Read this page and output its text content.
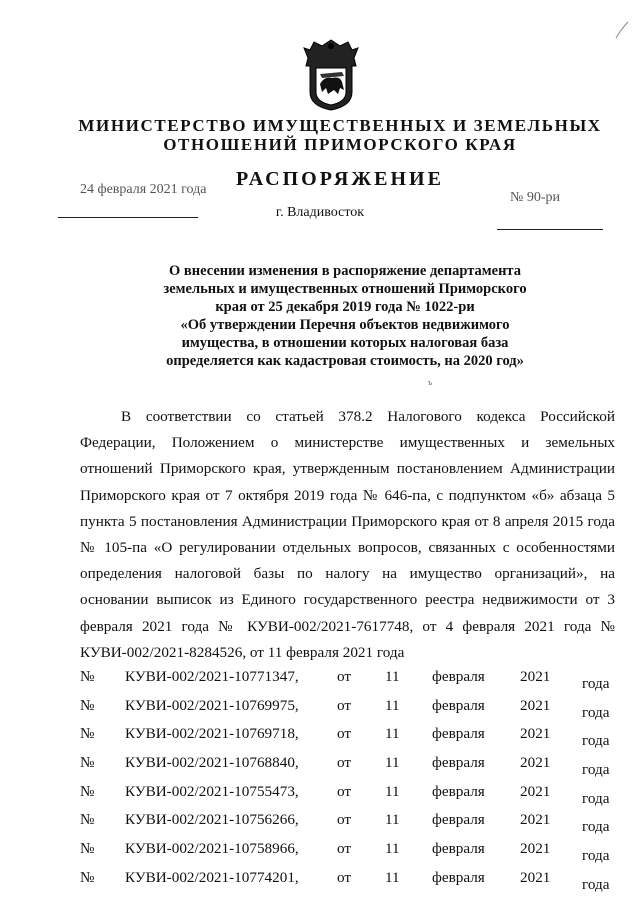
МИНИСТЕРСТВО ИМУЩЕСТВЕННЫХ И ЗЕМЕЛЬНЫХ
ОТНОШЕНИЙ ПРИМОРСКОГО КРАЯ
РАСПОРЯЖЕНИЕ
24 февраля 2021 года
г. Владивосток
№ 90-ри
О внесении изменения в распоряжение департамента
земельных и имущественных отношений Приморского
края от 25 декабря 2019 года № 1022-ри
«Об утверждении Перечня объектов недвижимого
имущества, в отношении которых налоговая база
определяется как кадастровая стоимость, на 2020 год»
ъ

В соответствии со статьей 378.2 Налогового кодекса Российской Федерации, Положением о министерстве имущественных и земельных отношений Приморского края, утвержденным постановлением Администрации Приморского края от 7 октября 2019 года № 646-па, с подпунктом «б» абзаца 5 пункта 5 постановления Администрации Приморского края от 8 апреля 2015 года № 105-па «О регулировании отдельных вопросов, связанных с особенностями определения налоговой базы по налогу на имущество организаций», на основании выписок из Единого государственного реестра недвижимости от 3 февраля 2021 года № КУВИ-002/2021-7617748, от 4 февраля 2021 года № КУВИ-002/2021-8284526, от 11 февраля 2021 года

№ КУВИ-002/2021-10771347,	от 11 февраля 2021 года
№ КУВИ-002/2021-10769975,	от 11 февраля 2021 года
№ КУВИ-002/2021-10769718,	от 11 февраля 2021 года
№ КУВИ-002/2021-10768840,	от 11 февраля 2021 года
№ КУВИ-002/2021-10755473,	от 11 февраля 2021 года
№ КУВИ-002/2021-10756266,	от 11 февраля 2021 года
№ КУВИ-002/2021-10758966,	от 11 февраля 2021 года
№ КУВИ-002/2021-10774201,	от 11 февраля 2021 года
